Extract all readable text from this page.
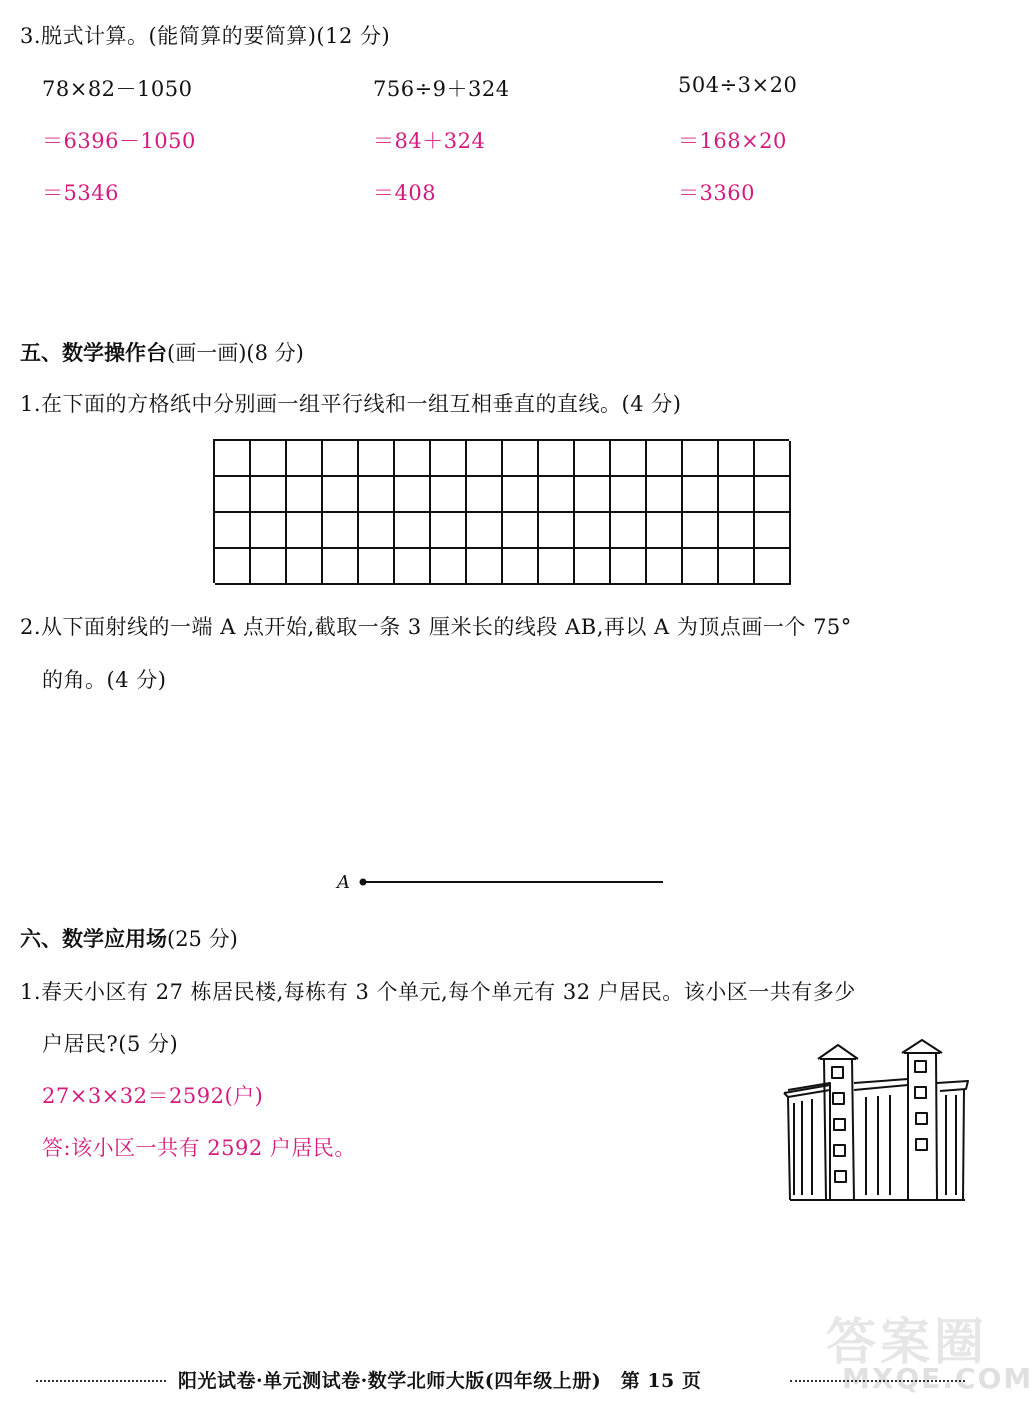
3.脱式计算。(能简算的要简算)(12 分)
78×82－1050
＝6396－1050
＝5346
756÷9＋324
＝84＋324
＝408
504÷3×20
＝168×20
＝3360
五、数学操作台(画一画)(8 分)
1.在下面的方格纸中分别画一组平行线和一组互相垂直的直线。(4 分)
2.从下面射线的一端 A 点开始,截取一条 3 厘米长的线段 AB,再以 A 为顶点画一个 75°
的角。(4 分)
A
六、数学应用场(25 分)
1.春天小区有 27 栋居民楼,每栋有 3 个单元,每个单元有 32 户居民。该小区一共有多少
户居民?(5 分)
27×3×32＝2592(户)
答:该小区一共有 2592 户居民。
答案圈
MXQE.COM
阳光试卷·单元测试卷·数学北师大版(四年级上册)　第 15 页
